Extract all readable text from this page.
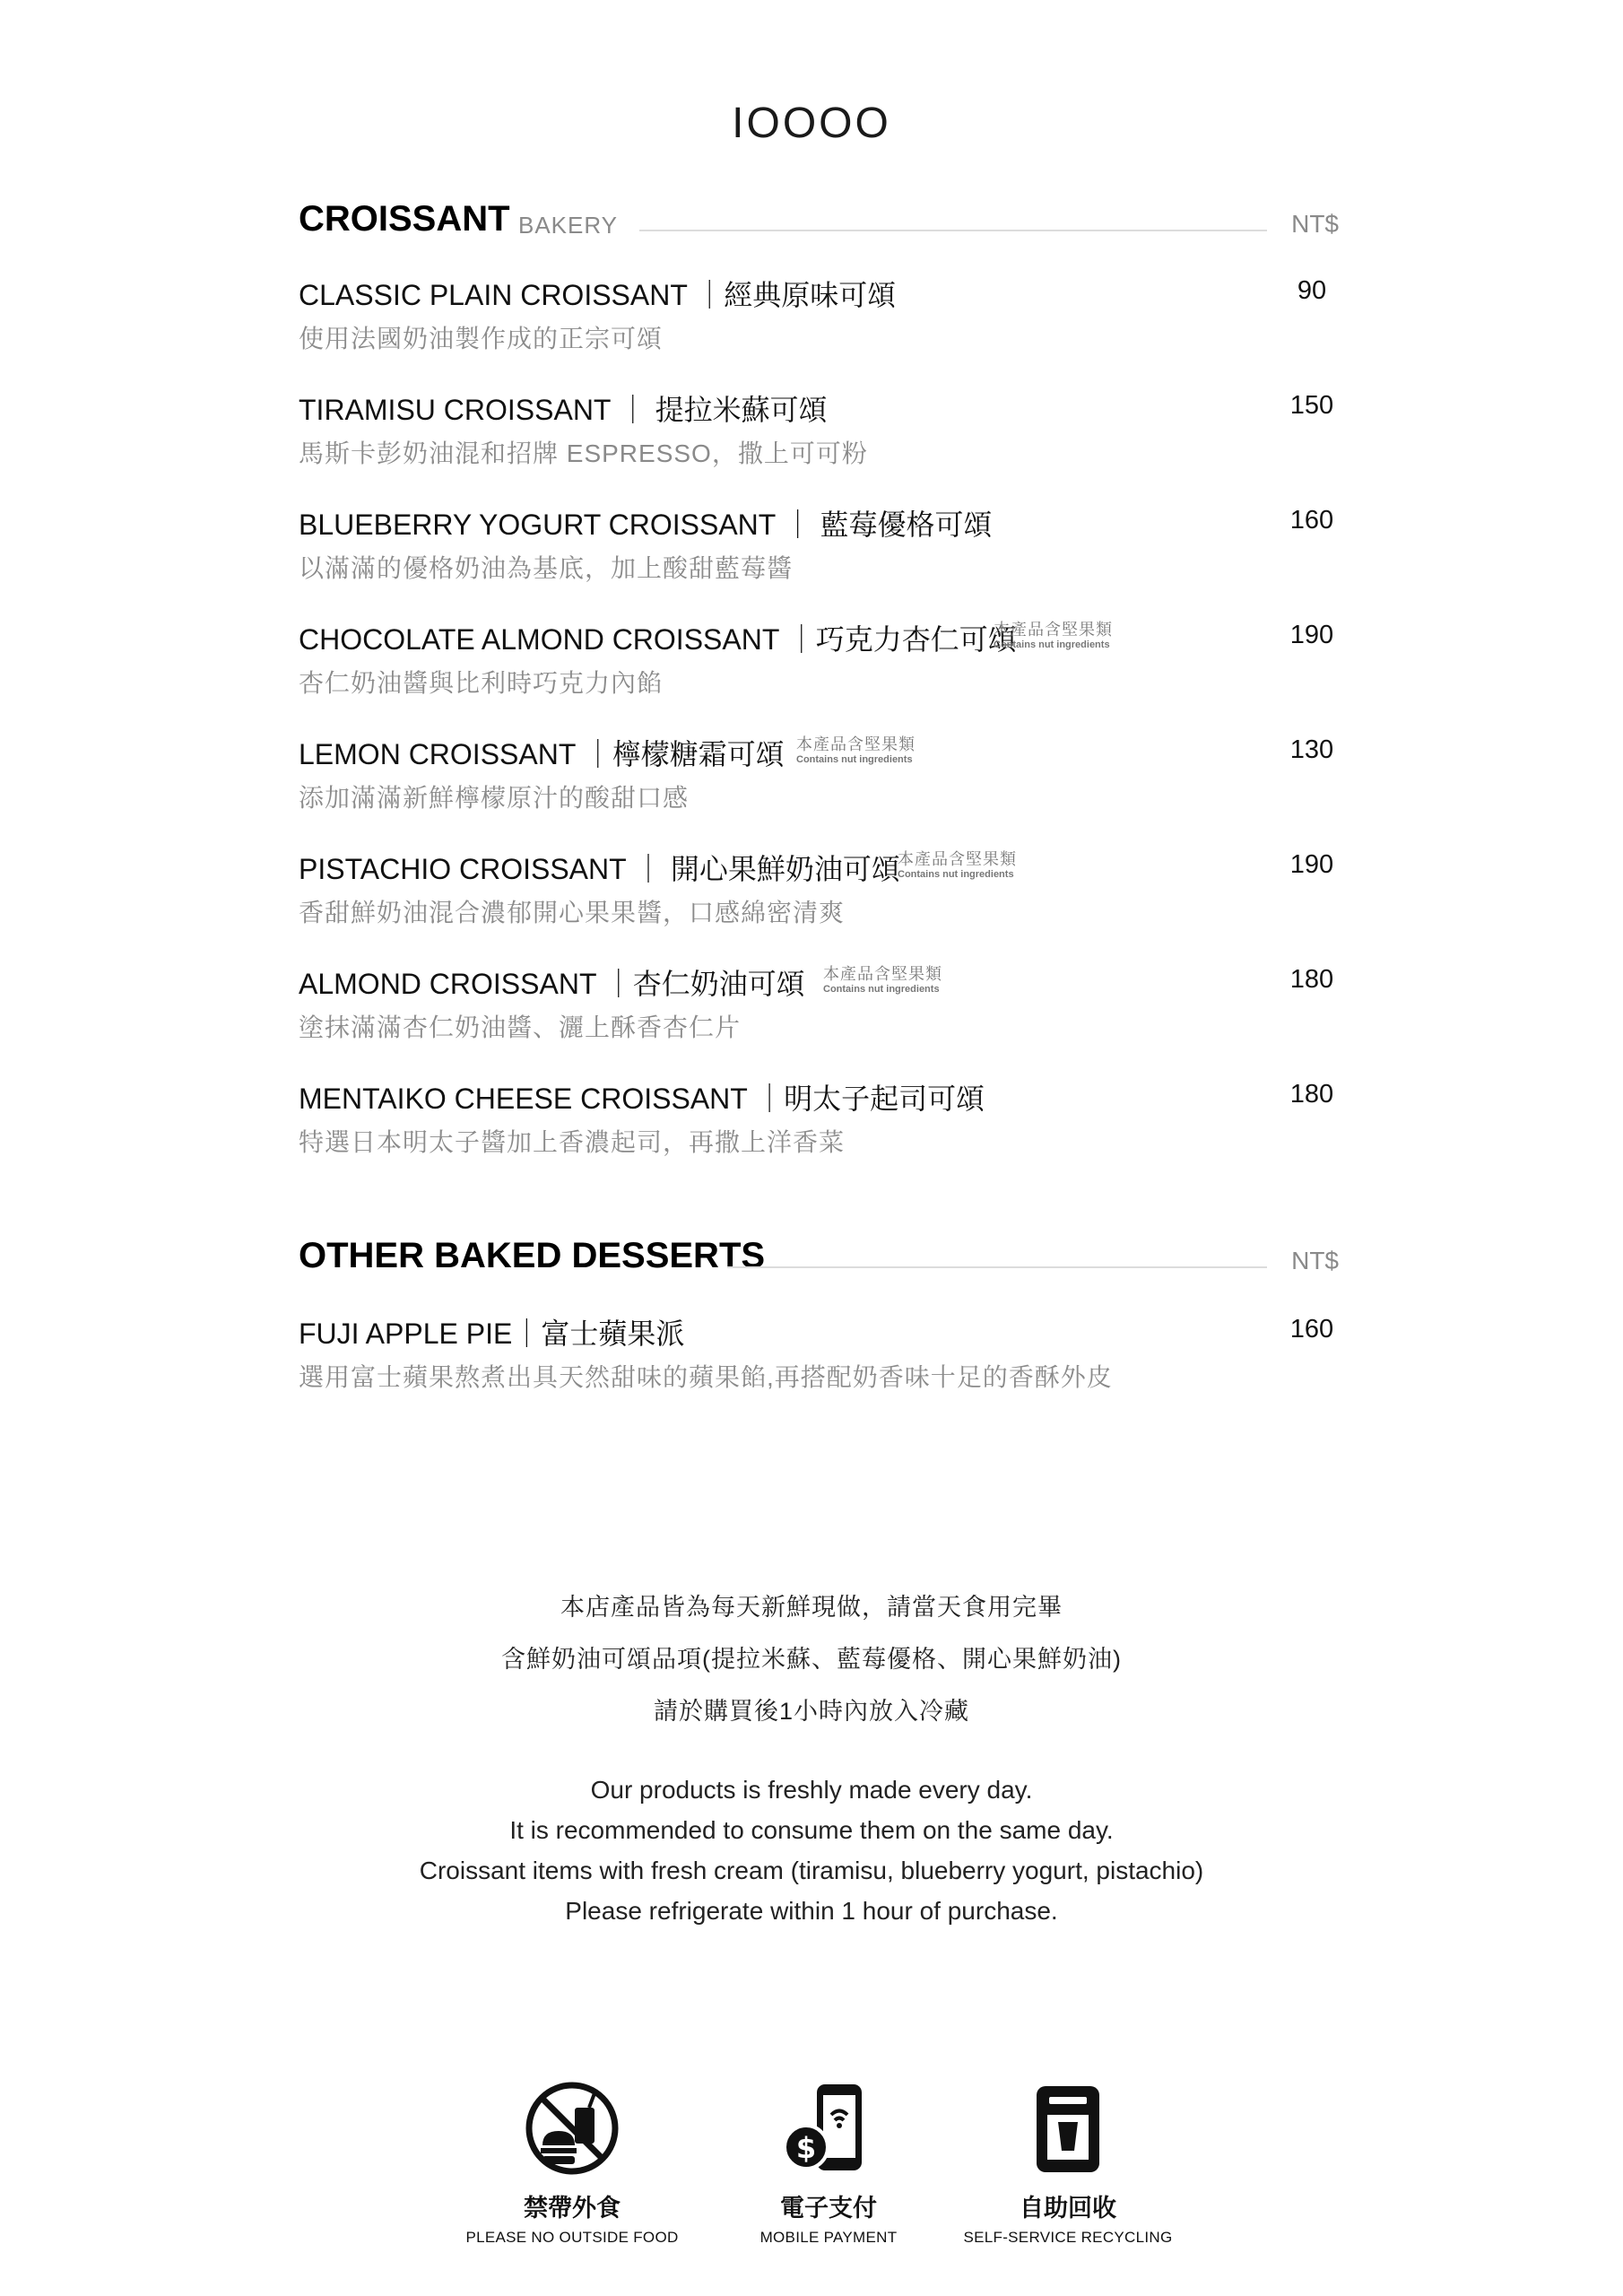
IOOOO
CROISSANT BAKERY	NT$
CLASSIC PLAIN CROISSANT ｜經典原味可頌
使用法國奶油製作成的正宗可頌
90
TIRAMISU CROISSANT ｜ 提拉米蘇可頌
馬斯卡彭奶油混和招牌 ESPRESSO，撒上可可粉
150
BLUEBERRY YOGURT CROISSANT ｜ 藍莓優格可頌
以滿滿的優格奶油為基底，加上酸甜藍莓醬
160
CHOCOLATE ALMOND CROISSANT ｜巧克力杏仁可頌
本產品含堅果類
Contains nut ingredients
杏仁奶油醬與比利時巧克力內餡
190
LEMON CROISSANT ｜檸檬糖霜可頌 本產品含堅果類
Contains nut ingredients
添加滿滿新鮮檸檬原汁的酸甜口感
130
PISTACHIO CROISSANT ｜ 開心果鮮奶油可頌
本產品含堅果類
Contains nut ingredients
香甜鮮奶油混合濃郁開心果果醬，口感綿密清爽
190
ALMOND CROISSANT ｜杏仁奶油可頌 本產品含堅果類
Contains nut ingredients
塗抹滿滿杏仁奶油醬、灑上酥香杏仁片
180
MENTAIKO CHEESE CROISSANT ｜明太子起司可頌
特選日本明太子醬加上香濃起司，再撒上洋香菜
180
OTHER BAKED DESSERTS	NT$
FUJI APPLE PIE｜富士蘋果派
選用富士蘋果熬煮出具天然甜味的蘋果餡,再搭配奶香味十足的香酥外皮
160
本店產品皆為每天新鮮現做，請當天食用完畢
含鮮奶油可頌品項(提拉米蘇、藍莓優格、開心果鮮奶油)
請於購買後1小時內放入冷藏
Our products is freshly made every day.
It is recommended to consume them on the same day.
Croissant items with fresh cream (tiramisu, blueberry yogurt, pistachio)
Please refrigerate within 1 hour of purchase.
禁帶外食
PLEASE NO OUTSIDE FOOD
$
電子支付
MOBILE PAYMENT
自助回收
SELF-SERVICE RECYCLING
